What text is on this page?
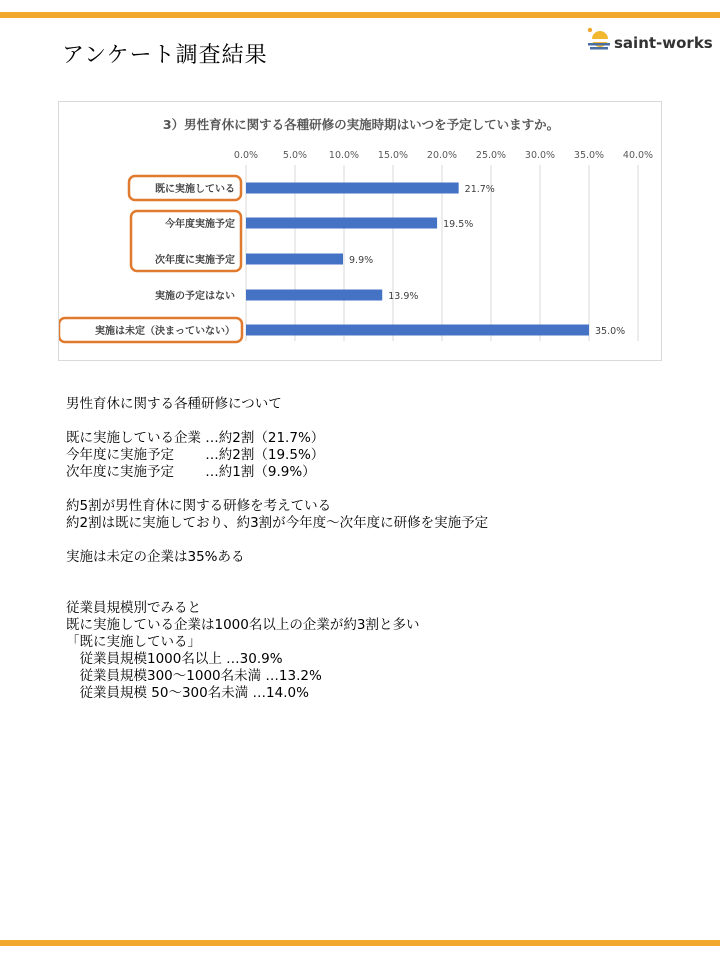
アンケート調査結果	saint-works
3）男性育休に関する各種研修の実施時期はいつを予定していますか。
0.0%	5.0% 10.0% 15.0% 20.0% 25.0% 30.0% 35.0% 40.0%
既に実施している	21.7%
今年度実施予定	19.5%
次年度に実施予定	9.9%
実施の予定はない	13.9%
実施は未定（決まっていない）	35.0%
男性育休に関する各種研修について

既に実施している企業 …約2割（21.7%）
今年度に実施予定　　 …約2割（19.5%）
次年度に実施予定　　 …約1割（9.9%）

約5割が男性育休に関する研修を考えている
約2割は既に実施しており、約3割が今年度～次年度に研修を実施予定

実施は未定の企業は35%ある

従業員規模別でみると
既に実施している企業は1000名以上の企業が約3割と多い
「既に実施している」
　従業員規模1000名以上 …30.9%
　従業員規模300～1000名未満 …13.2%
　従業員規模 50～300名未満 …14.0%
